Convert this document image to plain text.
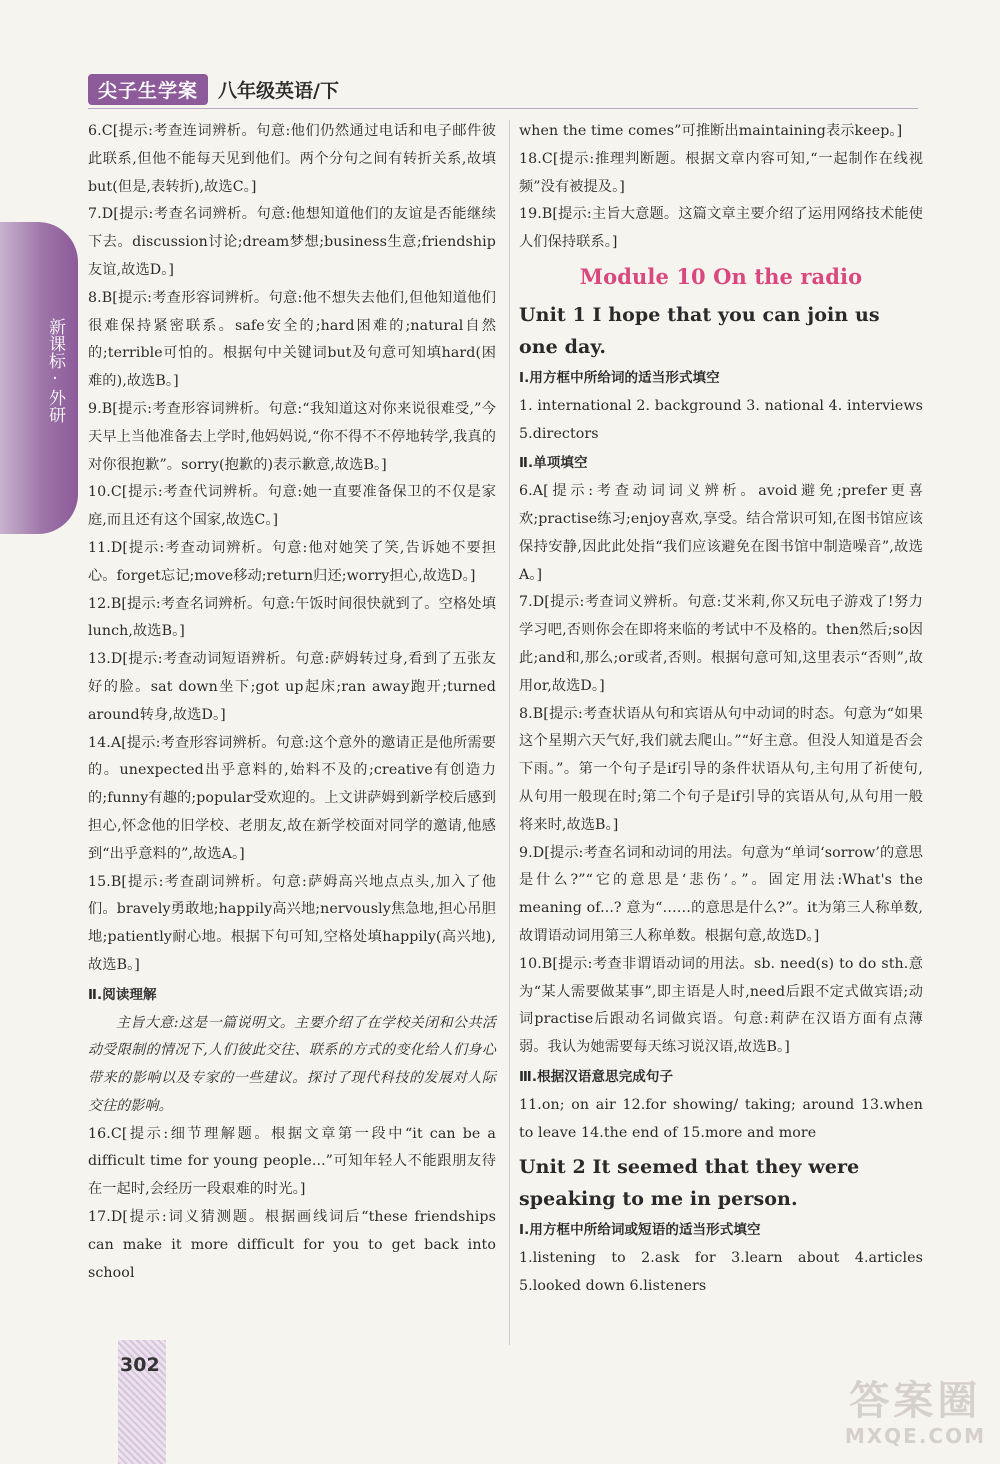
尖子生学案	八年级英语/下
新课标·外研

6.C[提示:考查连词辨析。句意:他们仍然通过电话和电子邮件彼此联系,但他不能每天见到他们。两个分句之间有转折关系,故填but(但是,表转折),故选C。]

7.D[提示:考查名词辨析。句意:他想知道他们的友谊是否能继续下去。discussion讨论;dream梦想;business生意;friendship友谊,故选D。]

8.B[提示:考查形容词辨析。句意:他不想失去他们,但他知道他们很难保持紧密联系。safe安全的;hard困难的;natural自然的;terrible可怕的。根据句中关键词but及句意可知填hard(困难的),故选B。]

9.B[提示:考查形容词辨析。句意:“我知道这对你来说很难受,”今天早上当他准备去上学时,他妈妈说,“你不得不不停地转学,我真的对你很抱歉”。sorry(抱歉的)表示歉意,故选B。]

10.C[提示:考查代词辨析。句意:她一直要准备保卫的不仅是家庭,而且还有这个国家,故选C。]

11.D[提示:考查动词辨析。句意:他对她笑了笑,告诉她不要担心。forget忘记;move移动;return归还;worry担心,故选D。]

12.B[提示:考查名词辨析。句意:午饭时间很快就到了。空格处填lunch,故选B。]

13.D[提示:考查动词短语辨析。句意:萨姆转过身,看到了五张友好的脸。sat down坐下;got up起床;ran away跑开;turned around转身,故选D。]

14.A[提示:考查形容词辨析。句意:这个意外的邀请正是他所需要的。unexpected出乎意料的,始料不及的;creative有创造力的;funny有趣的;popular受欢迎的。上文讲萨姆到新学校后感到担心,怀念他的旧学校、老朋友,故在新学校面对同学的邀请,他感到“出乎意料的”,故选A。]

15.B[提示:考查副词辨析。句意:萨姆高兴地点点头,加入了他们。bravely勇敢地;happily高兴地;nervously焦急地,担心吊胆地;patiently耐心地。根据下句可知,空格处填happily(高兴地),故选B。]

Ⅱ.阅读理解

主旨大意:这是一篇说明文。主要介绍了在学校关闭和公共活动受限制的情况下,人们彼此交往、联系的方式的变化给人们身心带来的影响以及专家的一些建议。探讨了现代科技的发展对人际交往的影响。

16.C[提示:细节理解题。根据文章第一段中“it can be a difficult time for young people...”可知年轻人不能跟朋友待在一起时,会经历一段艰难的时光。]

17.D[提示:词义猜测题。根据画线词后“these friendships can make it more difficult for you to get back into school

when the time comes”可推断出maintaining表示keep。]

18.C[提示:推理判断题。根据文章内容可知,“一起制作在线视频”没有被提及。]

19.B[提示:主旨大意题。这篇文章主要介绍了运用网络技术能使人们保持联系。]

Module 10 On the radio
Unit 1 I hope that you can join us one day.

Ⅰ.用方框中所给词的适当形式填空

1. international 2. background 3. national 4. interviews 5.directors

Ⅱ.单项填空

6.A[提示:考查动词词义辨析。avoid避免;prefer更喜欢;practise练习;enjoy喜欢,享受。结合常识可知,在图书馆应该保持安静,因此此处指“我们应该避免在图书馆中制造噪音”,故选A。]

7.D[提示:考查词义辨析。句意:艾米莉,你又玩电子游戏了!努力学习吧,否则你会在即将来临的考试中不及格的。then然后;so因此;and和,那么;or或者,否则。根据句意可知,这里表示“否则”,故用or,故选D。]

8.B[提示:考查状语从句和宾语从句中动词的时态。句意为“如果这个星期六天气好,我们就去爬山。”“好主意。但没人知道是否会下雨。”。第一个句子是if引导的条件状语从句,主句用了祈使句,从句用一般现在时;第二个句子是if引导的宾语从句,从句用一般将来时,故选B。]

9.D[提示:考查名词和动词的用法。句意为“单词‘sorrow’的意思是什么?”“它的意思是‘悲伤’。”。固定用法:What's the meaning of...? 意为“……的意思是什么?”。it为第三人称单数,故谓语动词用第三人称单数。根据句意,故选D。]

10.B[提示:考查非谓语动词的用法。sb. need(s) to do sth.意为“某人需要做某事”,即主语是人时,need后跟不定式做宾语;动词practise后跟动名词做宾语。句意:莉萨在汉语方面有点薄弱。我认为她需要每天练习说汉语,故选B。]

Ⅲ.根据汉语意思完成句子

11.on; on air 12.for showing/ taking; around 13.when to leave 14.the end of 15.more and more

Unit 2 It seemed that they were speaking to me in person.

Ⅰ.用方框中所给词或短语的适当形式填空

1.listening to 2.ask for 3.learn about 4.articles 5.looked down 6.listeners

302
答案圈
MXQE.COM
